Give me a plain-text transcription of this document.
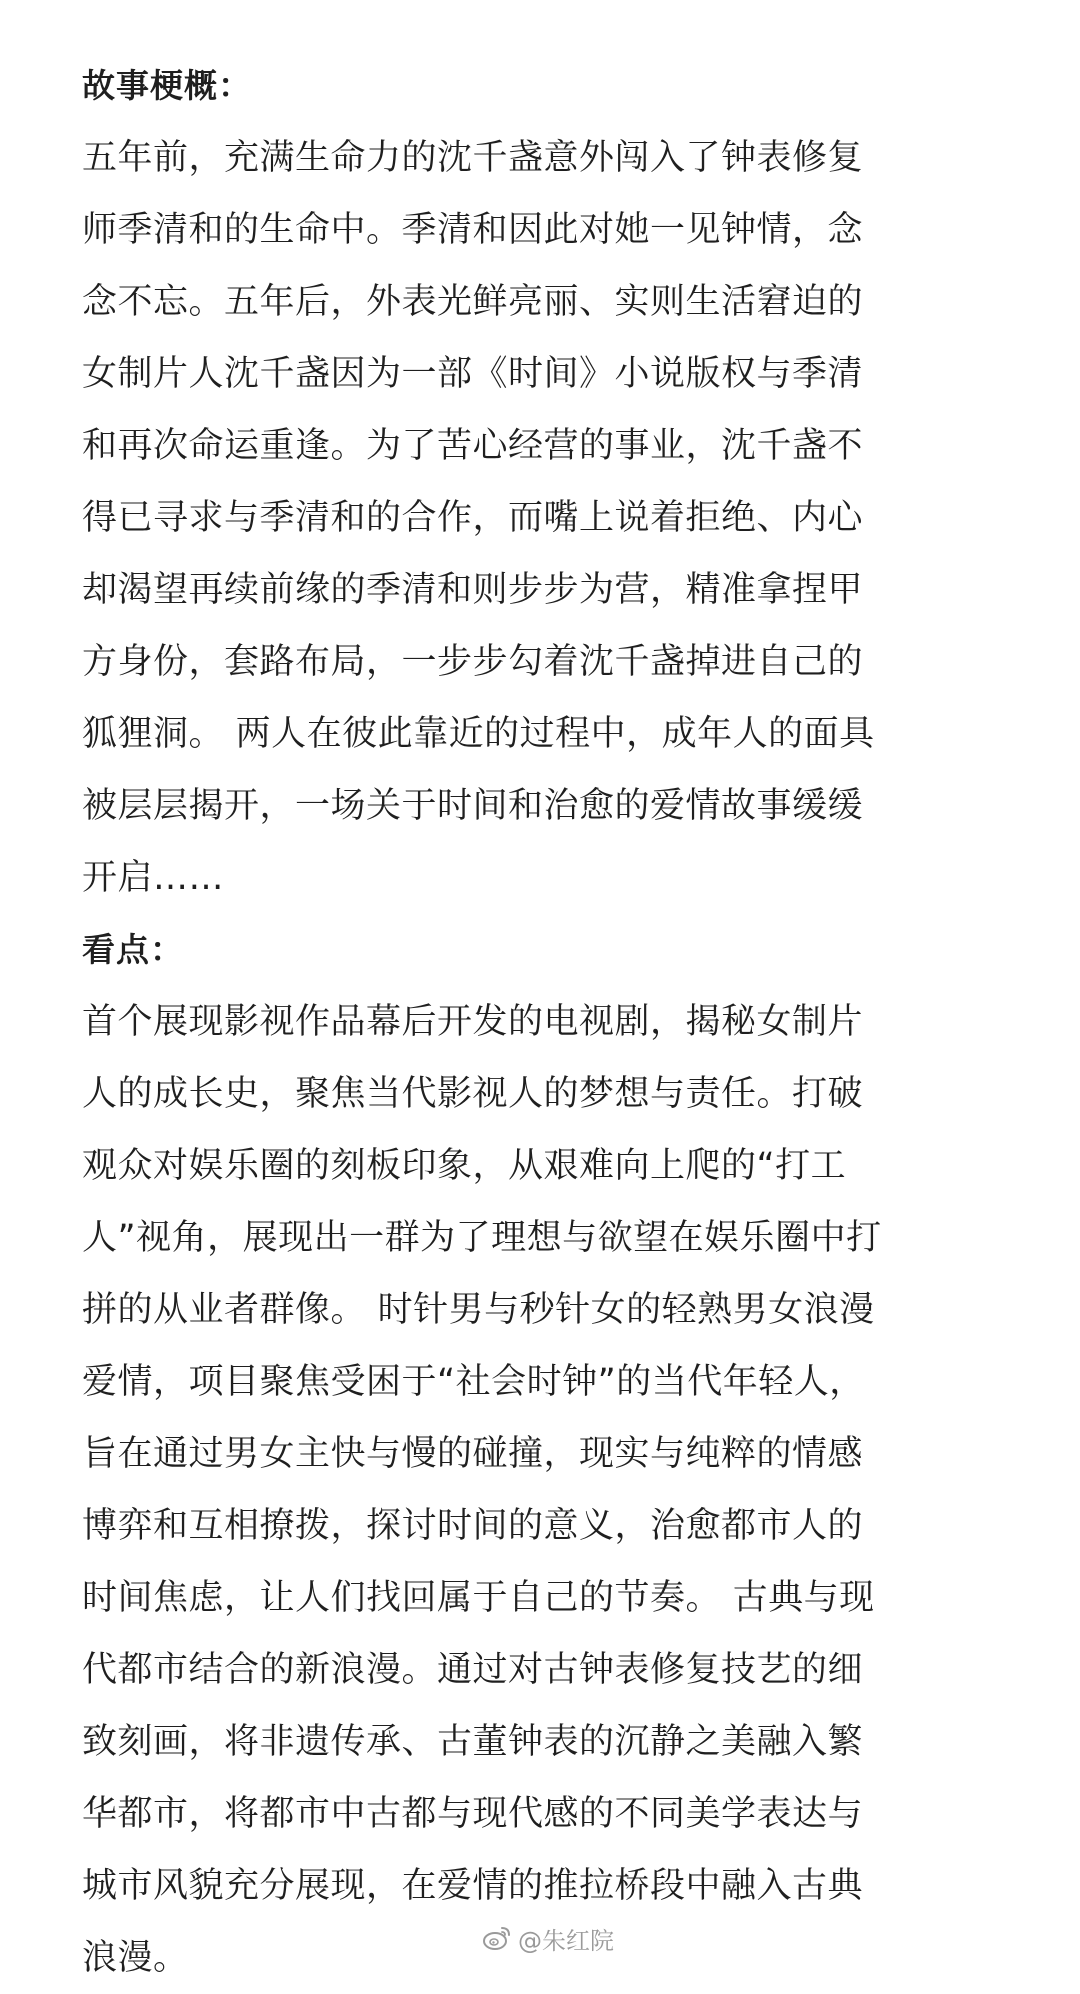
故事梗概：
五年前，充满生命力的沈千盏意外闯入了钟表修复
师季清和的生命中。季清和因此对她一见钟情，念
念不忘。五年后，外表光鲜亮丽、实则生活窘迫的
女制片人沈千盏因为一部《时间》小说版权与季清
和再次命运重逢。为了苦心经营的事业，沈千盏不
得已寻求与季清和的合作，而嘴上说着拒绝、内心
却渴望再续前缘的季清和则步步为营，精准拿捏甲
方身份，套路布局，一步步勾着沈千盏掉进自己的
狐狸洞。 两人在彼此靠近的过程中，成年人的面具
被层层揭开，一场关于时间和治愈的爱情故事缓缓
开启……
看点：
首个展现影视作品幕后开发的电视剧，揭秘女制片
人的成长史，聚焦当代影视人的梦想与责任。打破
观众对娱乐圈的刻板印象，从艰难向上爬的“打工
人”视角，展现出一群为了理想与欲望在娱乐圈中打
拼的从业者群像。 时针男与秒针女的轻熟男女浪漫
爱情，项目聚焦受困于“社会时钟”的当代年轻人，
旨在通过男女主快与慢的碰撞，现实与纯粹的情感
博弈和互相撩拨，探讨时间的意义，治愈都市人的
时间焦虑，让人们找回属于自己的节奏。 古典与现
代都市结合的新浪漫。通过对古钟表修复技艺的细
致刻画，将非遗传承、古董钟表的沉静之美融入繁
华都市，将都市中古都与现代感的不同美学表达与
城市风貌充分展现，在爱情的推拉桥段中融入古典
浪漫。	@朱红院
